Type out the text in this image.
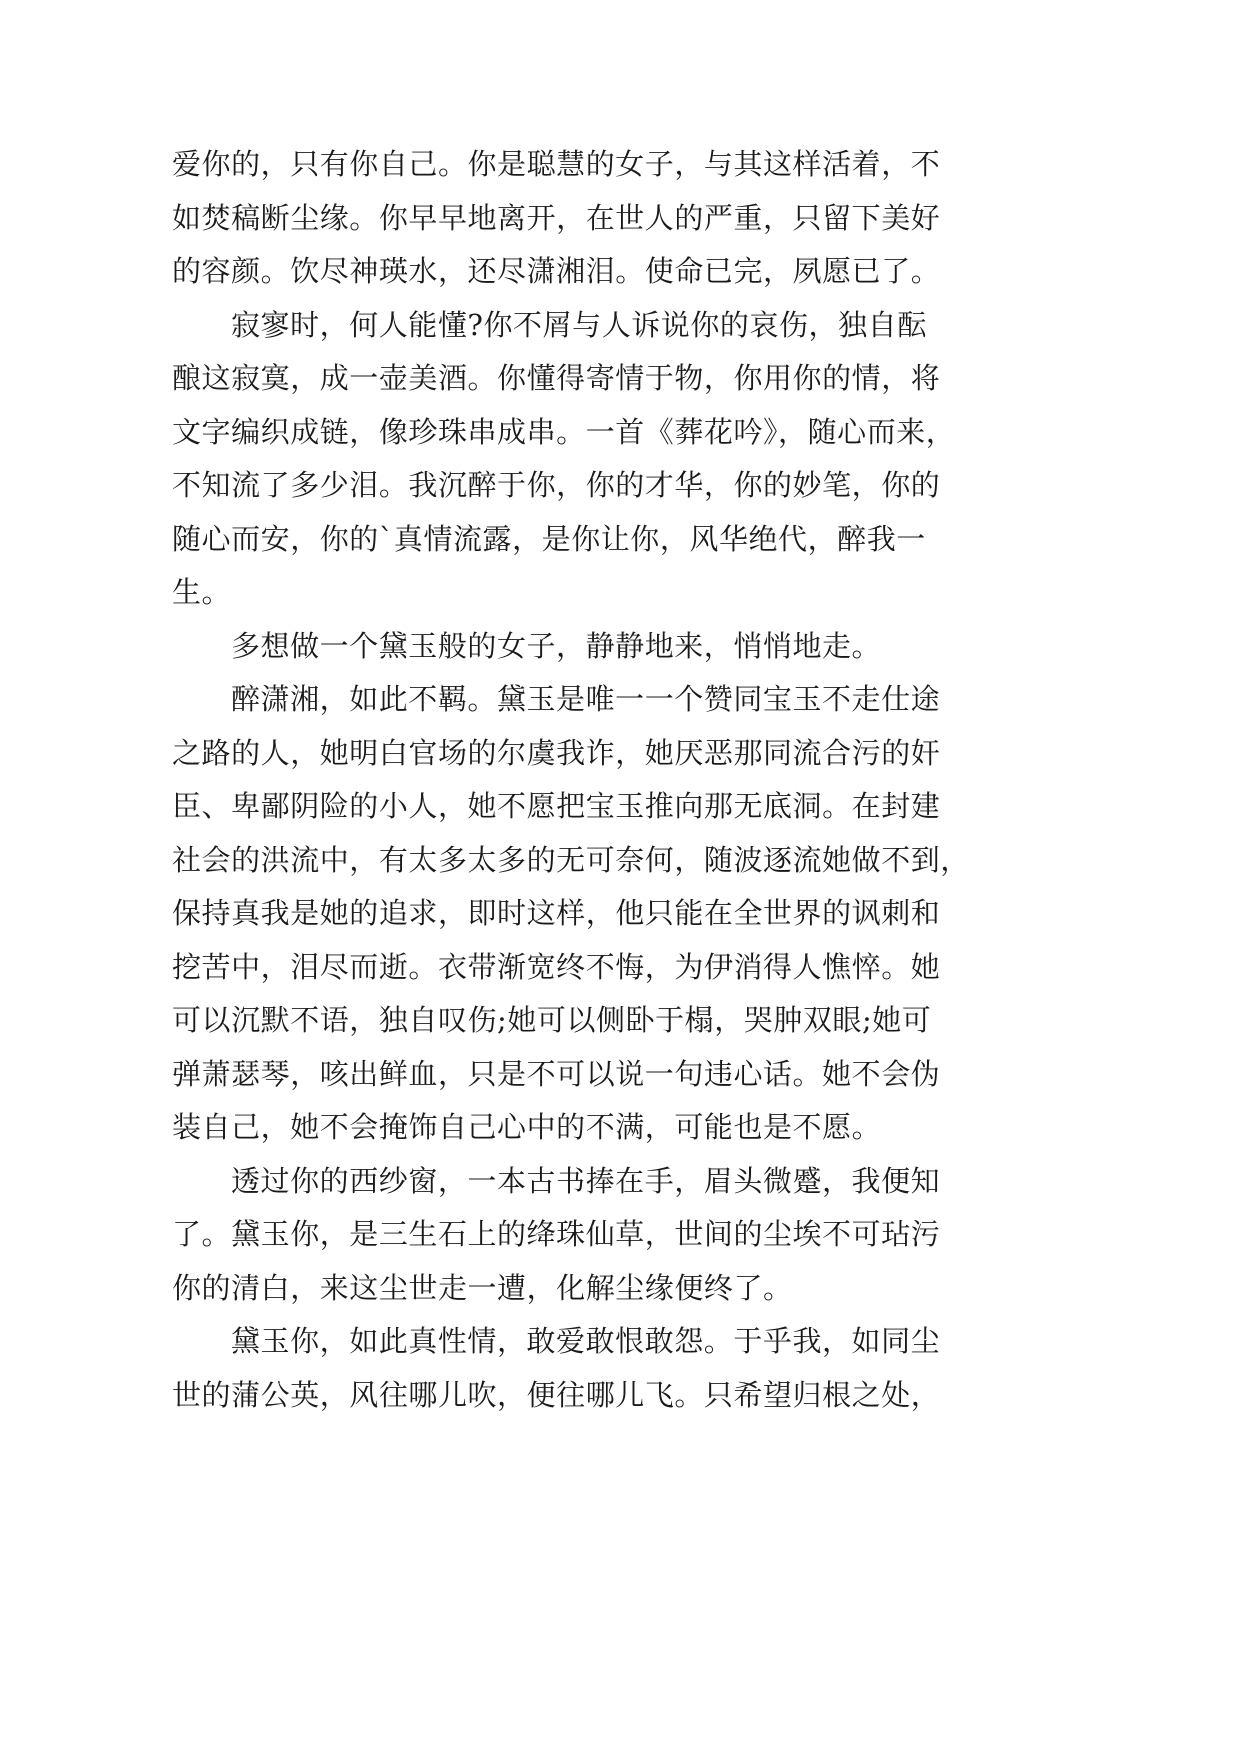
爱你的，只有你自己。你是聪慧的女子，与其这样活着，不
如焚稿断尘缘。你早早地离开，在世人的严重，只留下美好
的容颜。饮尽神瑛水，还尽潇湘泪。使命已完，夙愿已了。

寂寥时，何人能懂?你不屑与人诉说你的哀伤，独自酝
酿这寂寞，成一壶美酒。你懂得寄情于物，你用你的情，将
文字编织成链，像珍珠串成串。一首《葬花吟》，随心而来，
不知流了多少泪。我沉醉于你，你的才华，你的妙笔，你的
随心而安，你的`真情流露，是你让你，风华绝代，醉我一
生。

多想做一个黛玉般的女子，静静地来，悄悄地走。

醉潇湘，如此不羁。黛玉是唯一一个赞同宝玉不走仕途
之路的人，她明白官场的尔虞我诈，她厌恶那同流合污的奸
臣、卑鄙阴险的小人，她不愿把宝玉推向那无底洞。在封建
社会的洪流中，有太多太多的无可奈何，随波逐流她做不到，
保持真我是她的追求，即时这样，他只能在全世界的讽刺和
挖苦中，泪尽而逝。衣带渐宽终不悔，为伊消得人憔悴。她
可以沉默不语，独自叹伤;她可以侧卧于榻，哭肿双眼;她可
弹萧瑟琴，咳出鲜血，只是不可以说一句违心话。她不会伪
装自己，她不会掩饰自己心中的不满，可能也是不愿。

透过你的西纱窗，一本古书捧在手，眉头微蹙，我便知
了。黛玉你，是三生石上的绛珠仙草，世间的尘埃不可玷污
你的清白，来这尘世走一遭，化解尘缘便终了。

黛玉你，如此真性情，敢爱敢恨敢怨。于乎我，如同尘
世的蒲公英，风往哪儿吹，便往哪儿飞。只希望归根之处，
